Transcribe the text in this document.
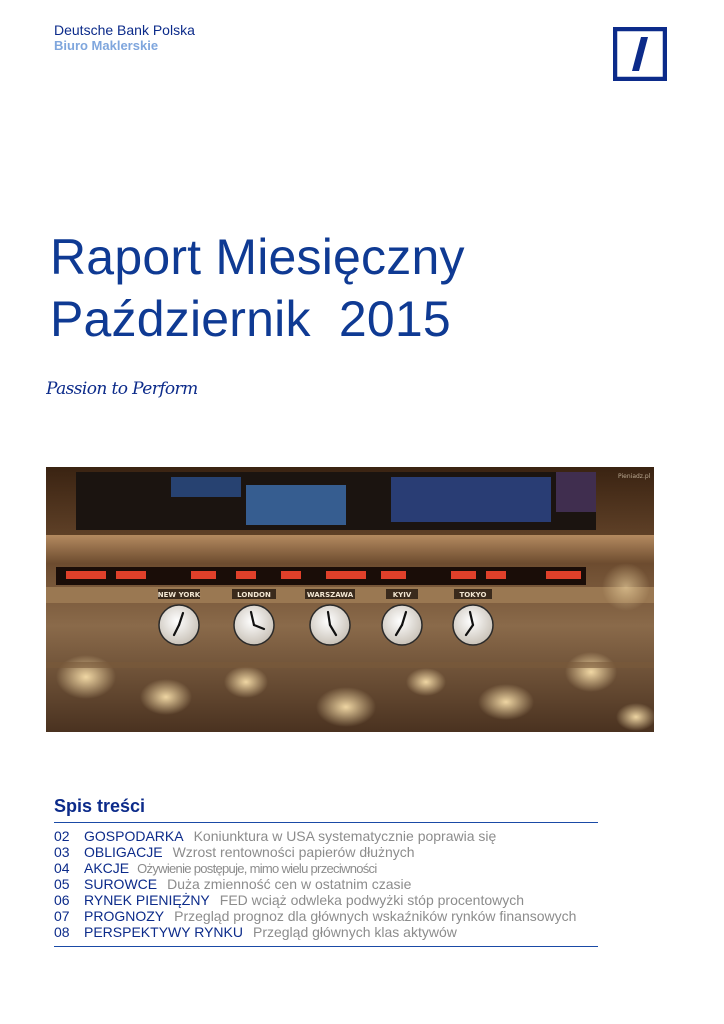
Deutsche Bank Polska
Biuro Maklerskie
Raport Miesięczny
Październik  2015
Passion to Perform
NEW YORK	LONDON	WARSZAWA	KYIV	TOKYO
Pieniadz.pl
Spis treści
02 GOSPODARKA Koniunktura w USA systematycznie poprawia się
03 OBLIGACJE Wzrost rentowności papierów dłużnych
04 AKCJE Ożywienie postępuje, mimo wielu przeciwności
05 SUROWCE Duża zmienność cen w ostatnim czasie
06 RYNEK PIENIĘŻNY FED wciąż odwleka podwyżki stóp procentowych
07 PROGNOZY Przegląd prognoz dla głównych wskaźników rynków finansowych
08 PERSPEKTYWY RYNKU Przegląd głównych klas aktywów
